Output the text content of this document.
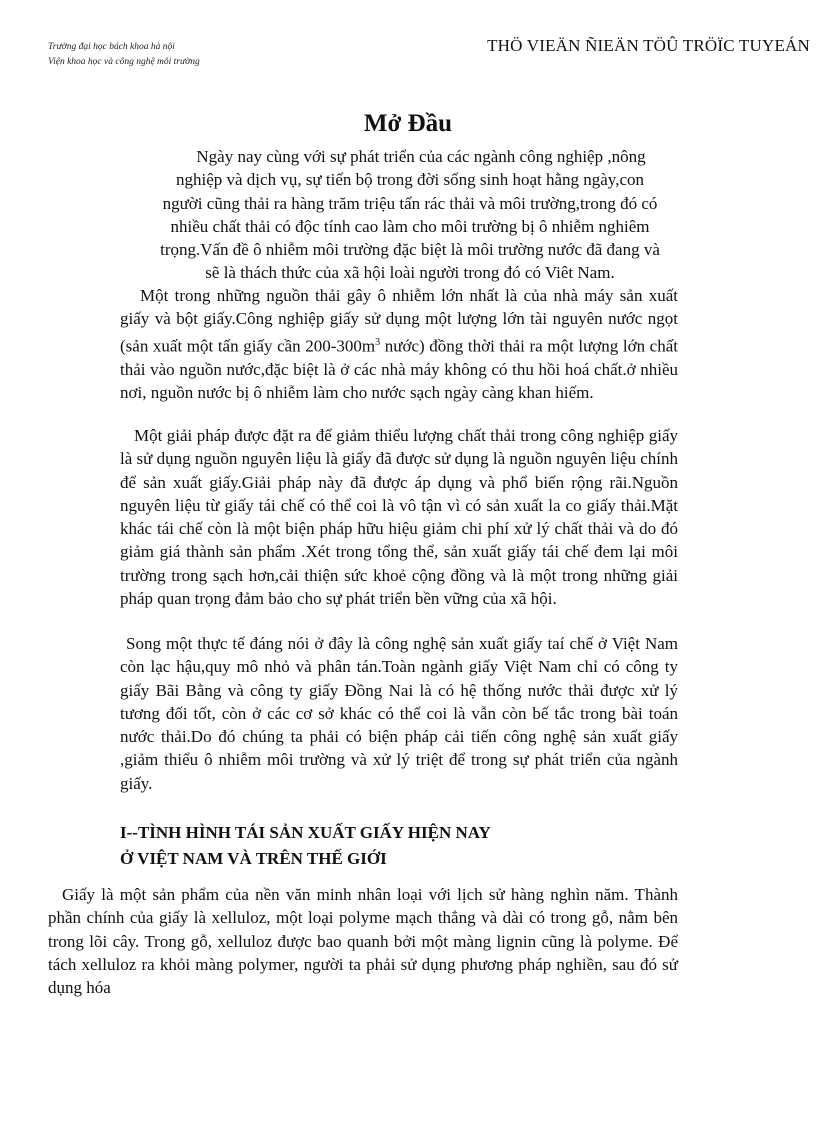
Trường đại học bách khoa hà nội
Viện khoa học và công nghệ môi trường
THÖ VIEÄN ÑIEÄN TÖÛ TRÖÏC TUYEÁN
Mở Đầu
Ngày nay cùng với sự phát triển của các ngành công nghiệp ,nông
nghiệp và dịch vụ, sự tiến bộ trong đời sống sinh hoạt hằng ngày,con
người cũng thải ra hàng trăm triệu tấn rác thải và môi trường,trong đó có
nhiều chất thải có độc tính cao làm cho môi trường bị ô nhiễm nghiêm
trọng.Vấn đề ô nhiễm môi trường đặc biệt là môi trường nước đã đang và
sẽ là thách thức của xã hội loài người trong đó có Viêt Nam.

Một trong những nguồn thải gây ô nhiễm lớn nhất là của nhà máy sản xuất giấy và bột giấy.Công nghiệp giấy sử dụng một lượng lớn tài nguyên nước ngọt (sản xuất một tấn giấy cần $200-300m^3$ nước) đồng thời thải ra một lượng lớn chất thải vào nguồn nước,đặc biệt là ở các nhà máy không có thu hồi hoá chất.ở nhiều nơi, nguồn nước bị ô nhiễm làm cho nước sạch ngày càng khan hiếm.

Một giải pháp được đặt ra để giảm thiểu lượng chất thải trong công nghiệp giấy là sử dụng nguồn nguyên liệu là giấy đã được sử dụng là nguồn nguyên liệu chính để sản xuất giấy.Giải pháp này đã được áp dụng và phổ biến rộng rãi.Nguồn nguyên liệu từ giấy tái chế có thể coi là vô tận vì có sản xuất la co giấy thải.Mặt khác tái chế còn là một biện pháp hữu hiệu giảm chi phí xử lý chất thải và do đó giảm giá thành sản phẩm .Xét trong tổng thể, sản xuất giấy tái chế đem lại môi trường trong sạch hơn,cải thiện sức khoẻ cộng đồng và là một trong những giải pháp quan trọng đảm bảo cho sự phát triển bền vững của xã hội.

Song một thực tế đáng nói ở đây là công nghệ sản xuất giấy taí chế ở Việt Nam còn lạc hậu,quy mô nhỏ và phân tán.Toàn ngành giấy Việt Nam chỉ có công ty giấy Bãi Bằng và công ty giấy Đồng Nai là có hệ thống nước thải được xử lý tương đối tốt, còn ở các cơ sở khác có thể coi là vẫn còn bế tắc trong bài toán nước thải.Do đó chúng ta phải có biện pháp cải tiến công nghệ sản xuất giấy ,giảm thiểu ô nhiễm môi trường và xử lý triệt để trong sự phát triển của ngành giấy.

I--TÌNH HÌNH TÁI SẢN XUẤT GIẤY HIỆN NAY
Ở VIỆT NAM VÀ TRÊN THẾ GIỚI

Giấy là một sản phẩm của nền văn minh nhân loại với lịch sử hàng nghìn năm. Thành phần chính của giấy là xelluloz, một loại polyme mạch thẳng và dài có trong gỗ, nằm bên trong lõi cây. Trong gỗ, xelluloz được bao quanh bởi một màng lignin cũng là polyme. Để tách xelluloz ra khỏi màng polymer, người ta phải sử dụng phương pháp nghiền, sau đó sử dụng hóa
